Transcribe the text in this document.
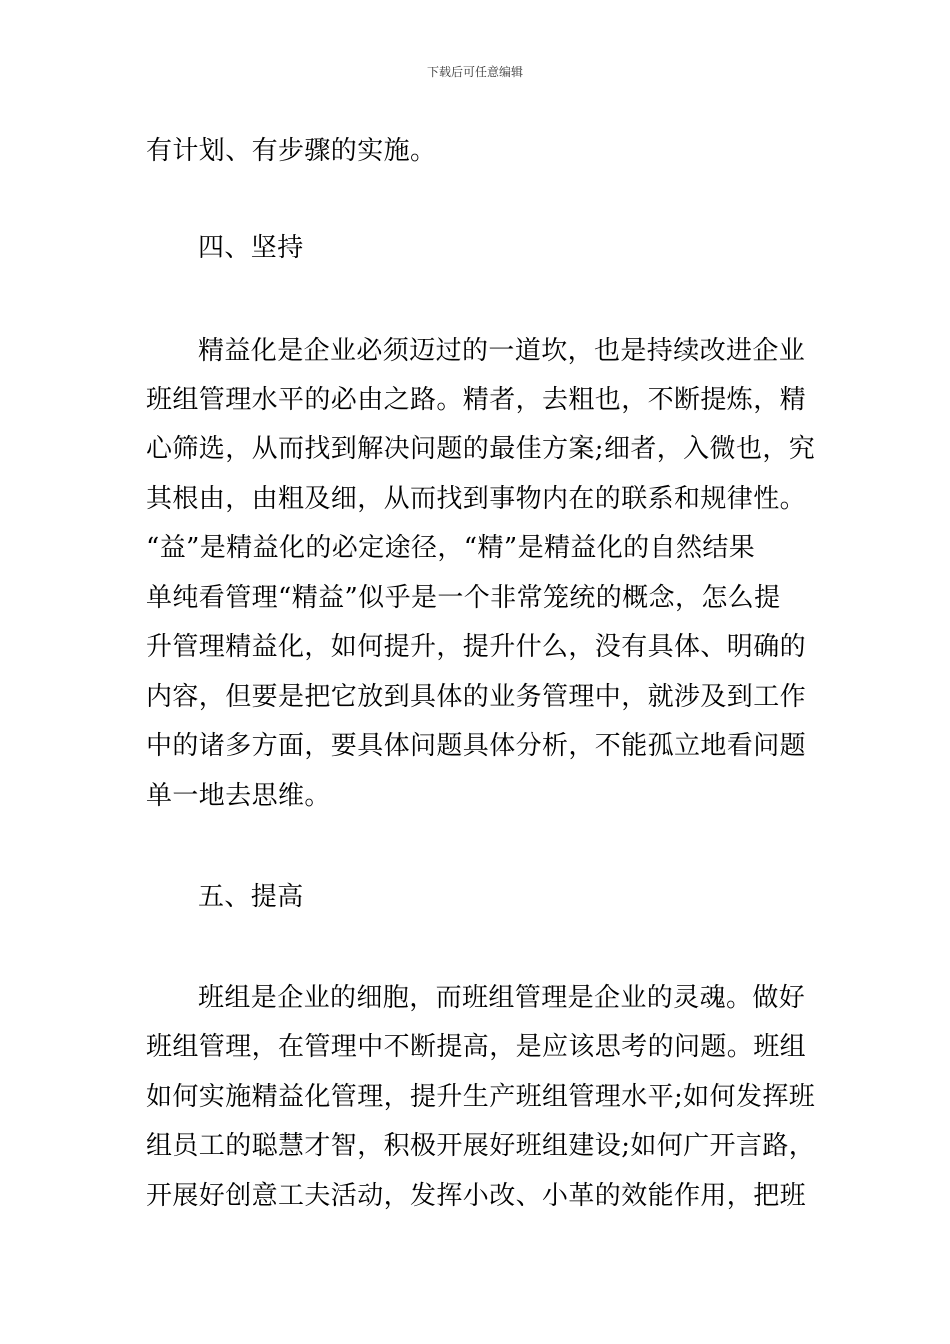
下载后可任意编辑
有计划、有步骤的实施。
四、坚持
精益化是企业必须迈过的一道坎，也是持续改进企业
班组管理水平的必由之路。精者，去粗也，不断提炼，精
心筛选，从而找到解决问题的最佳方案;细者，入微也，究
其根由，由粗及细，从而找到事物内在的联系和规律性。
“益”是精益化的必定途径，“精”是精益化的自然结果
单纯看管理“精益”似乎是一个非常笼统的概念，怎么提
升管理精益化，如何提升，提升什么，没有具体、明确的
内容，但要是把它放到具体的业务管理中，就涉及到工作
中的诸多方面，要具体问题具体分析，不能孤立地看问题
单一地去思维。
五、提高
班组是企业的细胞，而班组管理是企业的灵魂。做好
班组管理，在管理中不断提高，是应该思考的问题。班组
如何实施精益化管理，提升生产班组管理水平;如何发挥班
组员工的聪慧才智，积极开展好班组建设;如何广开言路，
开展好创意工夫活动，发挥小改、小革的效能作用，把班
